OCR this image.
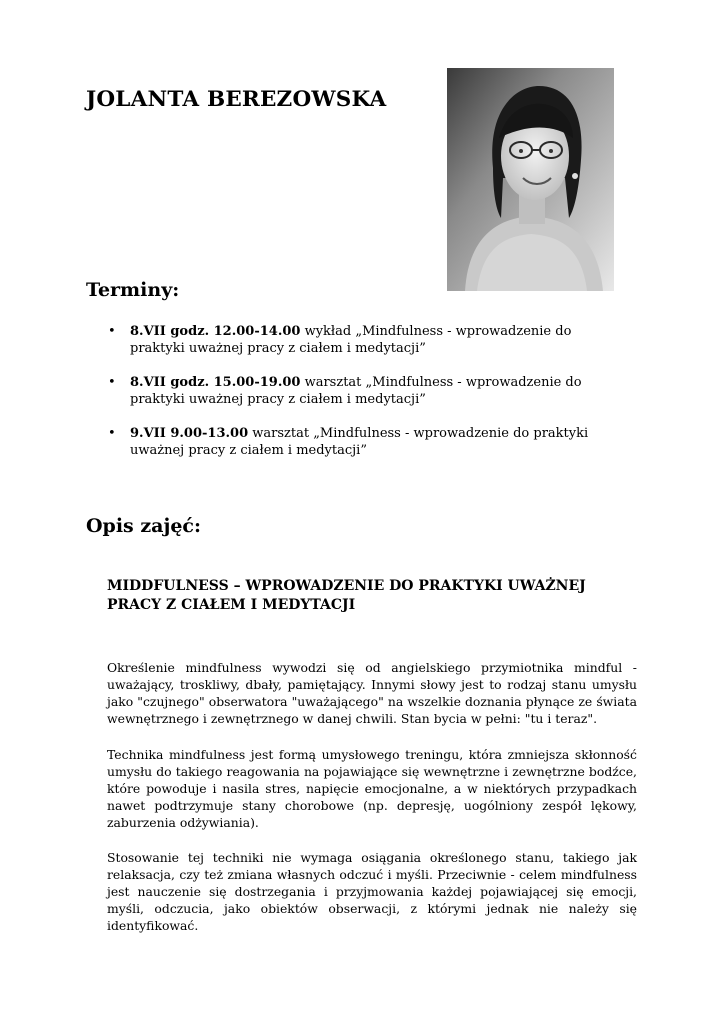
JOLANTA BEREZOWSKA
Terminy:
• 8.VII godz. 12.00-14.00 wykład „Mindfulness - wprowadzenie do praktyki uważnej pracy z ciałem i medytacji”
• 8.VII godz. 15.00-19.00 warsztat „Mindfulness - wprowadzenie do praktyki uważnej pracy z ciałem i medytacji”
• 9.VII 9.00-13.00 warsztat „Mindfulness - wprowadzenie do praktyki uważnej pracy z ciałem i medytacji”
Opis zajęć:
MIDDFULNESS – WPROWADZENIE DO PRAKTYKI UWAŻNEJ PRACY Z CIAŁEM I MEDYTACJI

Określenie mindfulness wywodzi się od angielskiego przymiotnika mindful - uważający, troskliwy, dbały, pamiętający. Innymi słowy jest to rodzaj stanu umysłu jako "czujnego" obserwatora "uważającego" na wszelkie doznania płynące ze świata wewnętrznego i zewnętrznego w danej chwili. Stan bycia w pełni: "tu i teraz".

Technika mindfulness jest formą umysłowego treningu, która zmniejsza skłonność umysłu do takiego reagowania na pojawiające się wewnętrzne i zewnętrzne bodźce, które powoduje i nasila stres, napięcie emocjonalne, a w niektórych przypadkach nawet podtrzymuje stany chorobowe (np. depresję, uogólniony zespół lękowy, zaburzenia odżywiania).

Stosowanie tej techniki nie wymaga osiągania określonego stanu, takiego jak relaksacja, czy też zmiana własnych odczuć i myśli. Przeciwnie - celem mindfulness jest nauczenie się dostrzegania i przyjmowania każdej pojawiającej się emocji, myśli, odczucia, jako obiektów obserwacji, z którymi jednak nie należy się identyfikować.
